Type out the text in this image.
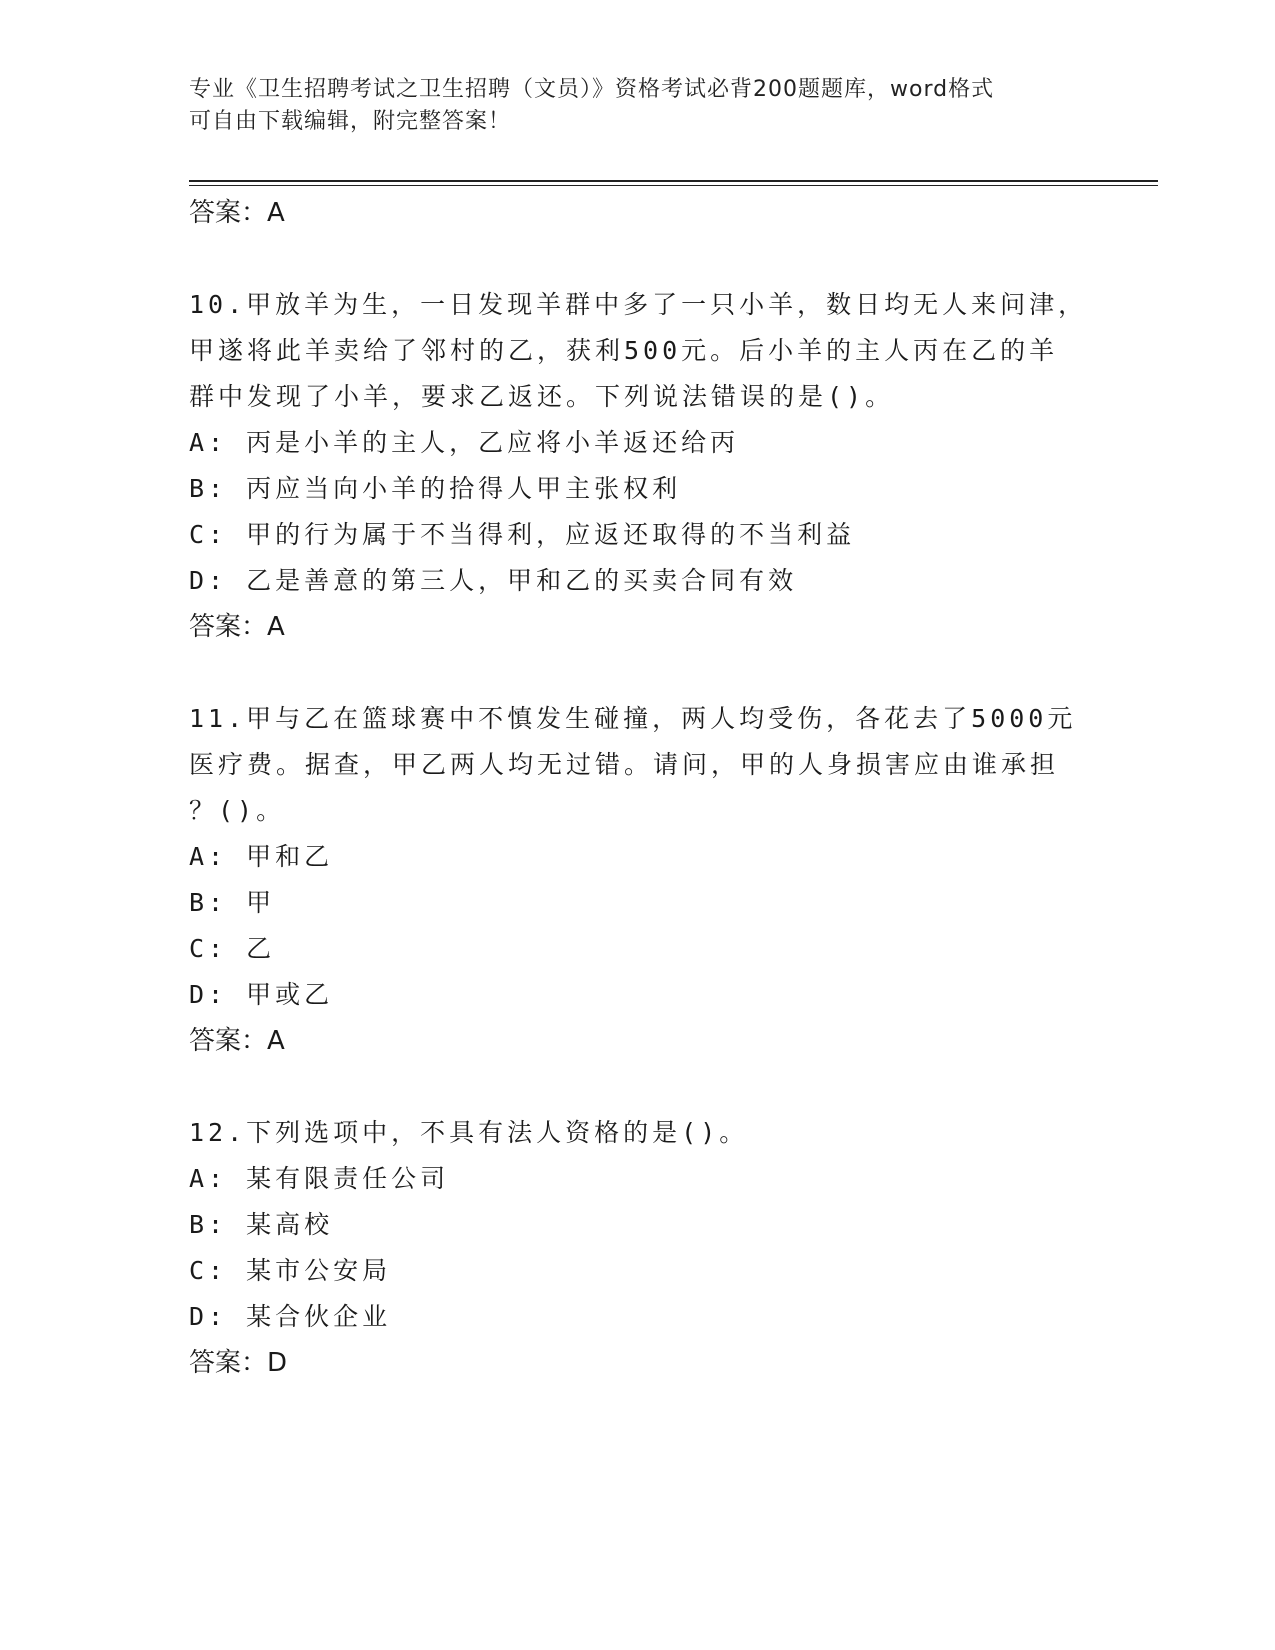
专业《卫生招聘考试之卫生招聘（文员）》资格考试必背200题题库，word格式
可自由下载编辑，附完整答案！
答案：A
10.甲放羊为生，一日发现羊群中多了一只小羊，数日均无人来问津，
甲遂将此羊卖给了邻村的乙，获利500元。后小羊的主人丙在乙的羊
群中发现了小羊，要求乙返还。下列说法错误的是()。
A: 丙是小羊的主人，乙应将小羊返还给丙
B: 丙应当向小羊的拾得人甲主张权利
C: 甲的行为属于不当得利，应返还取得的不当利益
D: 乙是善意的第三人，甲和乙的买卖合同有效
答案：A
11.甲与乙在篮球赛中不慎发生碰撞，两人均受伤，各花去了5000元
医疗费。据查，甲乙两人均无过错。请问，甲的人身损害应由谁承担
？()。
A: 甲和乙
B: 甲
C: 乙
D: 甲或乙
答案：A
12.下列选项中，不具有法人资格的是()。
A: 某有限责任公司
B: 某高校
C: 某市公安局
D: 某合伙企业
答案：D
